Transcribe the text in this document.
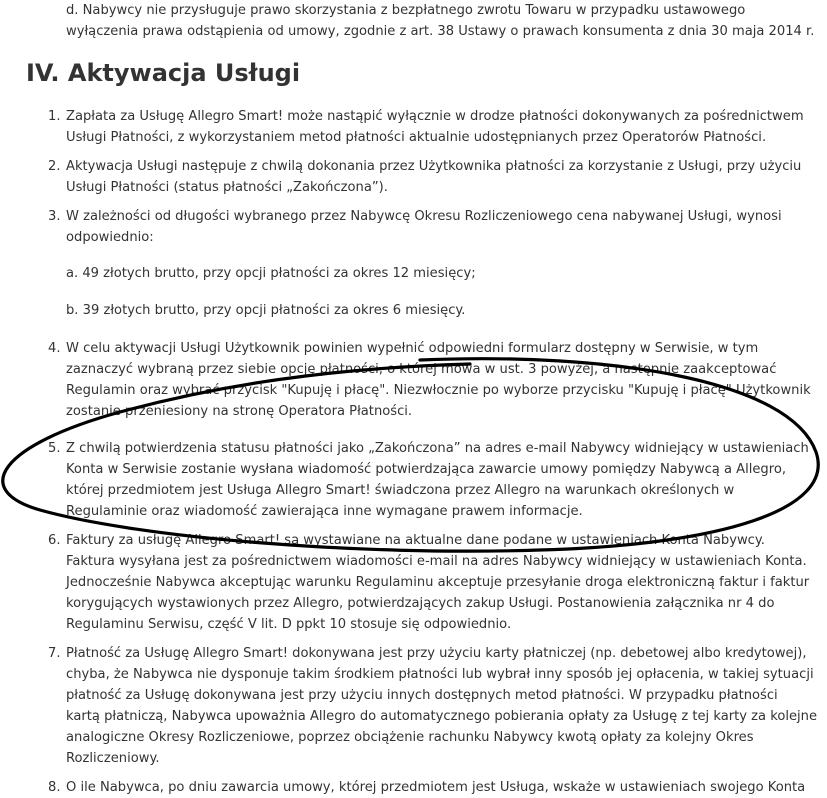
d. Nabywcy nie przysługuje prawo skorzystania z bezpłatnego zwrotu Towaru w przypadku ustawowego
wyłączenia prawa odstąpienia od umowy, zgodnie z art. 38 Ustawy o prawach konsumenta z dnia 30 maja 2014 r.
IV. Aktywacja Usługi
1. Zapłata za Usługę Allegro Smart! może nastąpić wyłącznie w drodze płatności dokonywanych za pośrednictwem
Usługi Płatności, z wykorzystaniem metod płatności aktualnie udostępnianych przez Operatorów Płatności.
2. Aktywacja Usługi następuje z chwilą dokonania przez Użytkownika płatności za korzystanie z Usługi, przy użyciu
Usługi Płatności (status płatności „Zakończona”).
3. W zależności od długości wybranego przez Nabywcę Okresu Rozliczeniowego cena nabywanej Usługi, wynosi
odpowiednio:
a. 49 złotych brutto, przy opcji płatności za okres 12 miesięcy;
b. 39 złotych brutto, przy opcji płatności za okres 6 miesięcy.
4. W celu aktywacji Usługi Użytkownik powinien wypełnić odpowiedni formularz dostępny w Serwisie, w tym
zaznaczyć wybraną przez siebie opcję płatności, o której mowa w ust. 3 powyżej, a następnie zaakceptować
Regulamin oraz wybrać przycisk "Kupuję i płacę". Niezwłocznie po wyborze przycisku "Kupuję i płacę" Użytkownik
zostanie przeniesiony na stronę Operatora Płatności.
5. Z chwilą potwierdzenia statusu płatności jako „Zakończona” na adres e-mail Nabywcy widniejący w ustawieniach
Konta w Serwisie zostanie wysłana wiadomość potwierdzająca zawarcie umowy pomiędzy Nabywcą a Allegro,
której przedmiotem jest Usługa Allegro Smart! świadczona przez Allegro na warunkach określonych w
Regulaminie oraz wiadomość zawierająca inne wymagane prawem informacje.
6. Faktury za usługę Allegro Smart! są wystawiane na aktualne dane podane w ustawieniach Konta Nabywcy.
Faktura wysyłana jest za pośrednictwem wiadomości e-mail na adres Nabywcy widniejący w ustawieniach Konta.
Jednocześnie Nabywca akceptując warunku Regulaminu akceptuje przesyłanie droga elektroniczną faktur i faktur
korygujących wystawionych przez Allegro, potwierdzających zakup Usługi. Postanowienia załącznika nr 4 do
Regulaminu Serwisu, część V lit. D ppkt 10 stosuje się odpowiednio.
7. Płatność za Usługę Allegro Smart! dokonywana jest przy użyciu karty płatniczej (np. debetowej albo kredytowej),
chyba, że Nabywca nie dysponuje takim środkiem płatności lub wybrał inny sposób jej opłacenia, w takiej sytuacji
płatność za Usługę dokonywana jest przy użyciu innych dostępnych metod płatności. W przypadku płatności
kartą płatniczą, Nabywca upoważnia Allegro do automatycznego pobierania opłaty za Usługę z tej karty za kolejne
analogiczne Okresy Rozliczeniowe, poprzez obciążenie rachunku Nabywcy kwotą opłaty za kolejny Okres
Rozliczeniowy.
8. O ile Nabywca, po dniu zawarcia umowy, której przedmiotem jest Usługa, wskaże w ustawieniach swojego Konta
